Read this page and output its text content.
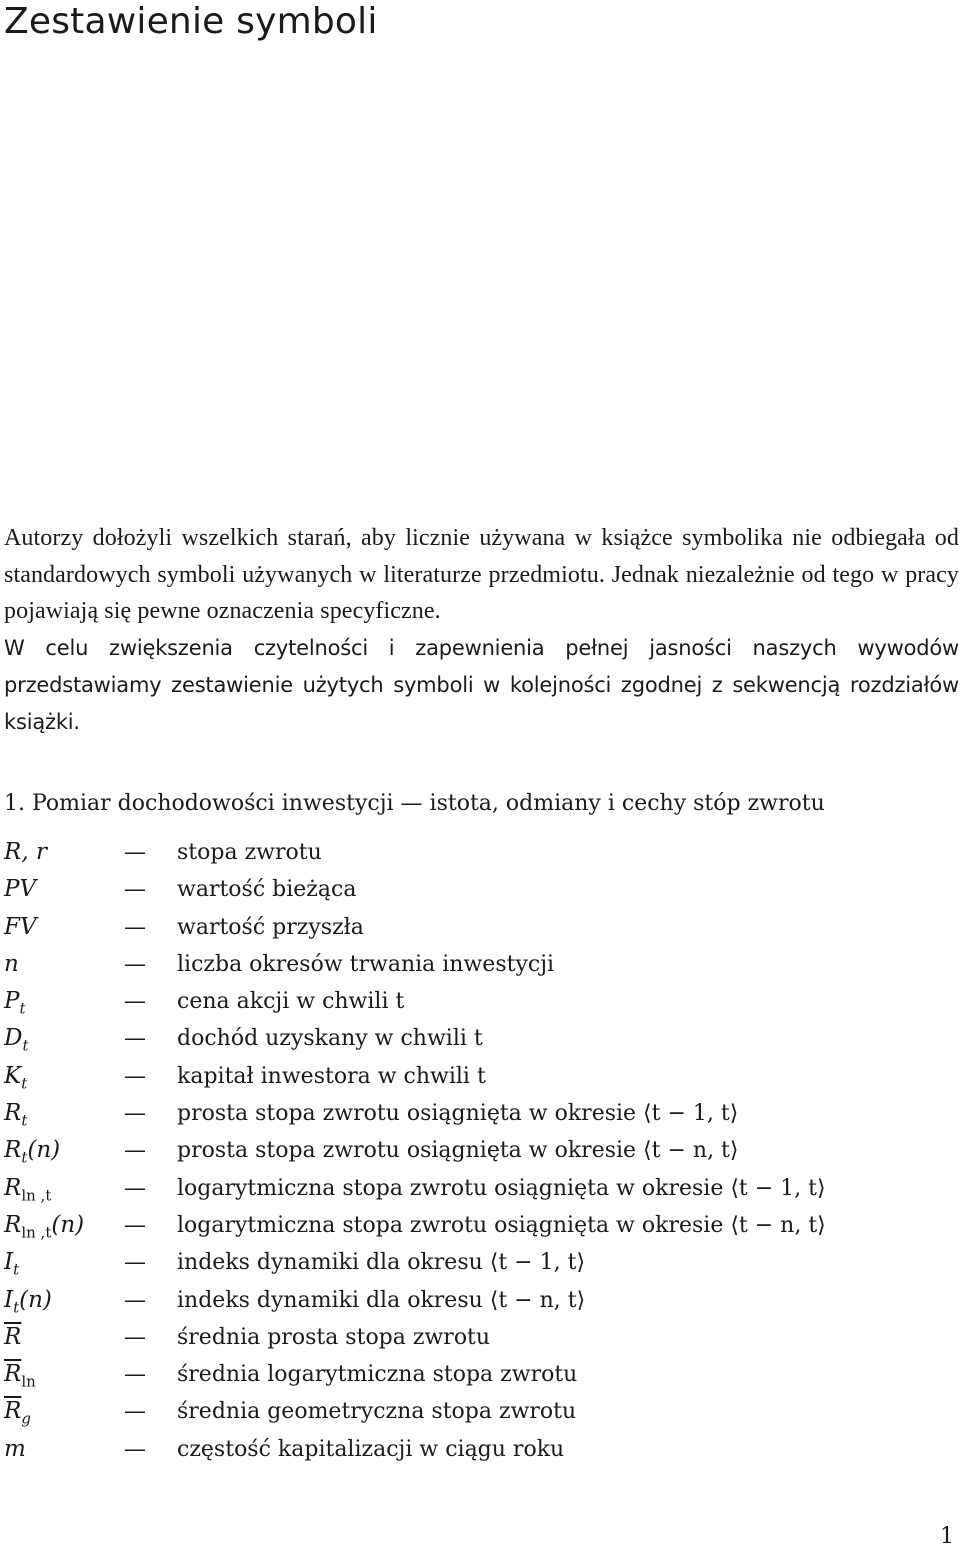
Zestawienie symboli

Autorzy dołożyli wszelkich starań, aby licznie używana w książce symbolika nie odbiegała od standardowych symboli używanych w literaturze przedmiotu. Jednak niezależnie od tego w pracy pojawiają się pewne oznaczenia specyficzne.

W celu zwiększenia czytelności i zapewnienia pełnej jasności naszych wywodów przedstawiamy zestawienie użytych symboli w kolejności zgodnej z sekwencją rozdziałów książki.

1. Pomiar dochodowości inwestycji — istota, odmiany i cechy stóp zwrotu
R, r	— stopa zwrotu
PV	— wartość bieżąca
FV	— wartość przyszła
n	— liczba okresów trwania inwestycji
$P_t$	— cena akcji w chwili t
$D_t$	— dochód uzyskany w chwili t
$K_t$	— kapitał inwestora w chwili t
$R_t$	— prosta stopa zwrotu osiągnięta w okresie ⟨t − 1, t⟩
$R_t(n)$	— prosta stopa zwrotu osiągnięta w okresie ⟨t − n, t⟩
$R_{ln ,t}$	— logarytmiczna stopa zwrotu osiągnięta w okresie ⟨t − 1, t⟩
$R_{ln ,t}(n)$ — logarytmiczna stopa zwrotu osiągnięta w okresie ⟨t − n, t⟩
$I_t$	— indeks dynamiki dla okresu ⟨t − 1, t⟩
$I_t(n)$	— indeks dynamiki dla okresu ⟨t − n, t⟩
$\overline{R}$	— średnia prosta stopa zwrotu
$\overline{R}_{ln}$	— średnia logarytmiczna stopa zwrotu
$\overline{R}_g$	— średnia geometryczna stopa zwrotu
m	— częstość kapitalizacji w ciągu roku
1
